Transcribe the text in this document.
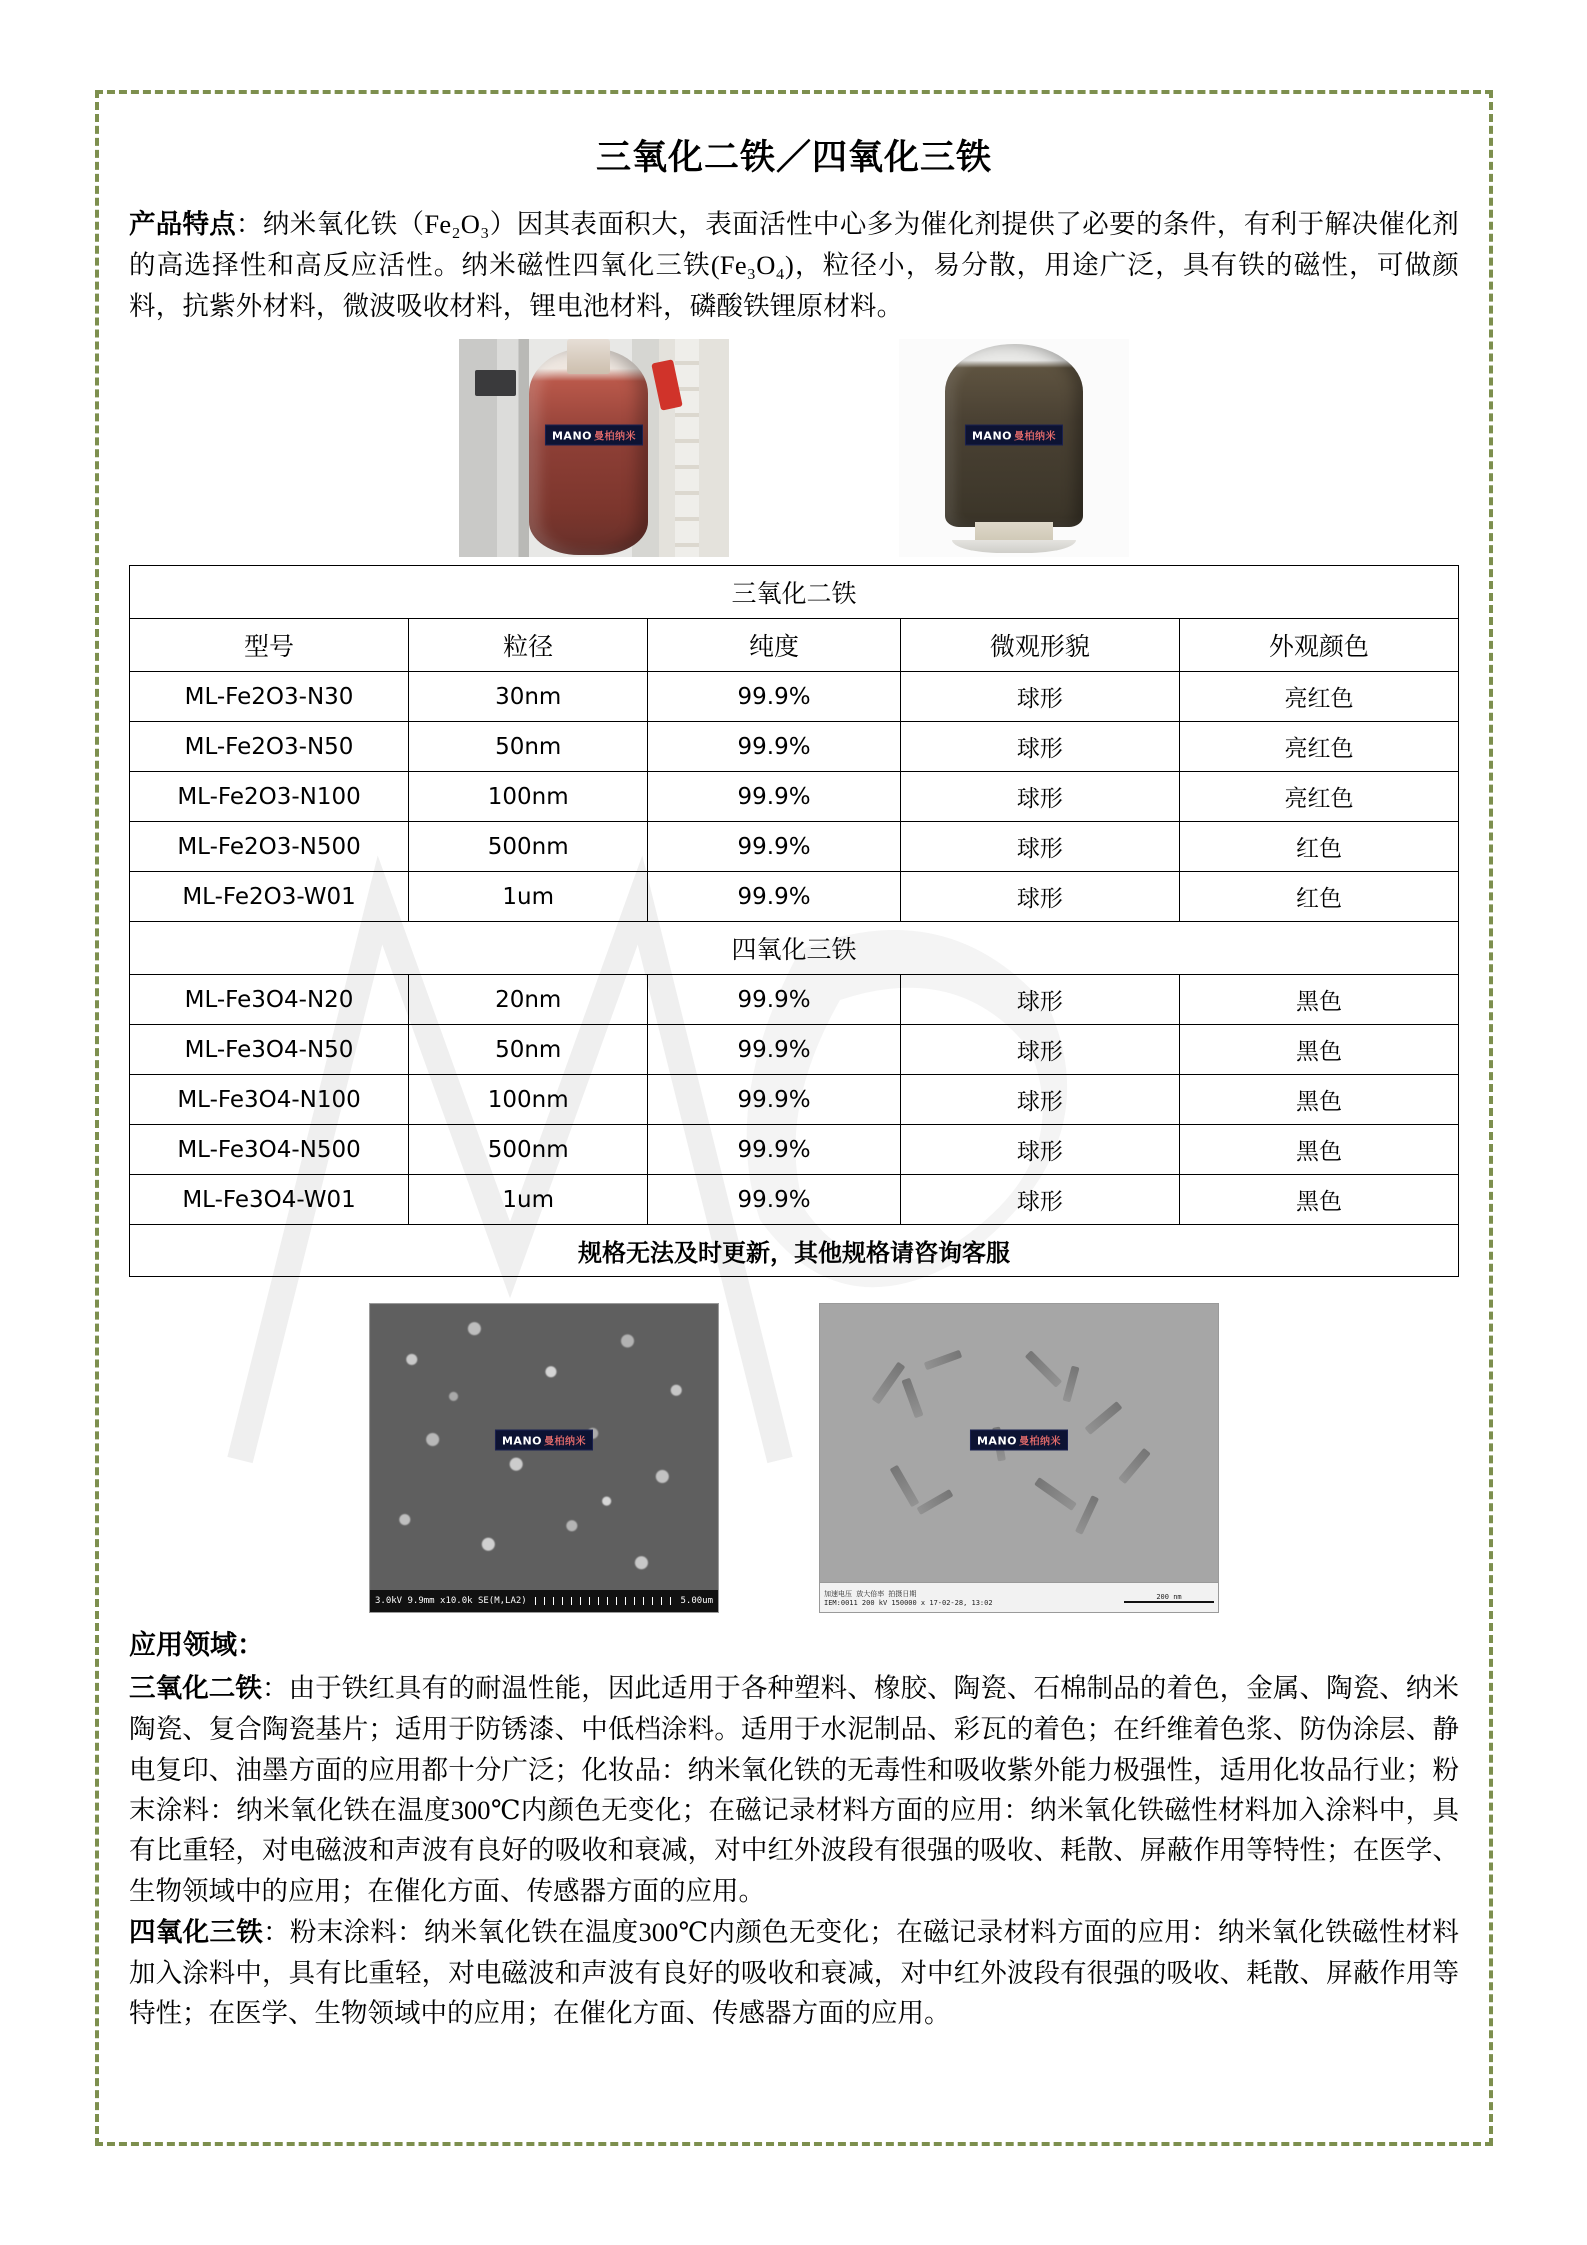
三氧化二铁／四氧化三铁

产品特点：纳米氧化铁（Fe₂O₃）因其表面积大，表面活性中心多为催化剂提供了必要的条件，有利于解决催化剂的高选择性和高反应活性。纳米磁性四氧化三铁(Fe₃O₄)，粒径小，易分散，用途广泛，具有铁的磁性，可做颜料，抗紫外材料，微波吸收材料，锂电池材料，磷酸铁锂原材料。

MANO 曼柏纳米	MANO 曼柏纳米
三氧化二铁				
型号	粒径	纯度	微观形貌	外观颜色
ML-Fe2O3-N30	30nm	99.9%	球形	亮红色
ML-Fe2O3-N50	50nm	99.9%	球形	亮红色
ML-Fe2O3-N100	100nm	99.9%	球形	亮红色
ML-Fe2O3-N500	500nm	99.9%	球形	红色
ML-Fe2O3-W01	1um	99.9%	球形	红色
四氧化三铁				
ML-Fe3O4-N20	20nm	99.9%	球形	黑色
ML-Fe3O4-N50	50nm	99.9%	球形	黑色
ML-Fe3O4-N100	100nm	99.9%	球形	黑色
ML-Fe3O4-N500	500nm	99.9%	球形	黑色
ML-Fe3O4-W01	1um	99.9%	球形	黑色
规格无法及时更新，其他规格请咨询客服				
MANO 曼柏纳米
3.0kV 9.9mm x10.0k SE(M,LA2)	5.00um
MANO 曼柏纳米
加速电压 放大倍率 拍摄日期
IEM:0011 200 kV 150000 x 17-02-28, 13:02
200 nm
应用领域：

三氧化二铁：由于铁红具有的耐温性能，因此适用于各种塑料、橡胶、陶瓷、石棉制品的着色，金属、陶瓷、纳米陶瓷、复合陶瓷基片；适用于防锈漆、中低档涂料。适用于水泥制品、彩瓦的着色；在纤维着色浆、防伪涂层、静电复印、油墨方面的应用都十分广泛；化妆品：纳米氧化铁的无毒性和吸收紫外能力极强性，适用化妆品行业；粉末涂料：纳米氧化铁在温度300℃内颜色无变化；在磁记录材料方面的应用：纳米氧化铁磁性材料加入涂料中，具有比重轻，对电磁波和声波有良好的吸收和衰减，对中红外波段有很强的吸收、耗散、屏蔽作用等特性；在医学、生物领域中的应用；在催化方面、传感器方面的应用。

四氧化三铁：粉末涂料：纳米氧化铁在温度300℃内颜色无变化；在磁记录材料方面的应用：纳米氧化铁磁性材料加入涂料中，具有比重轻，对电磁波和声波有良好的吸收和衰减，对中红外波段有很强的吸收、耗散、屏蔽作用等特性；在医学、生物领域中的应用；在催化方面、传感器方面的应用。
